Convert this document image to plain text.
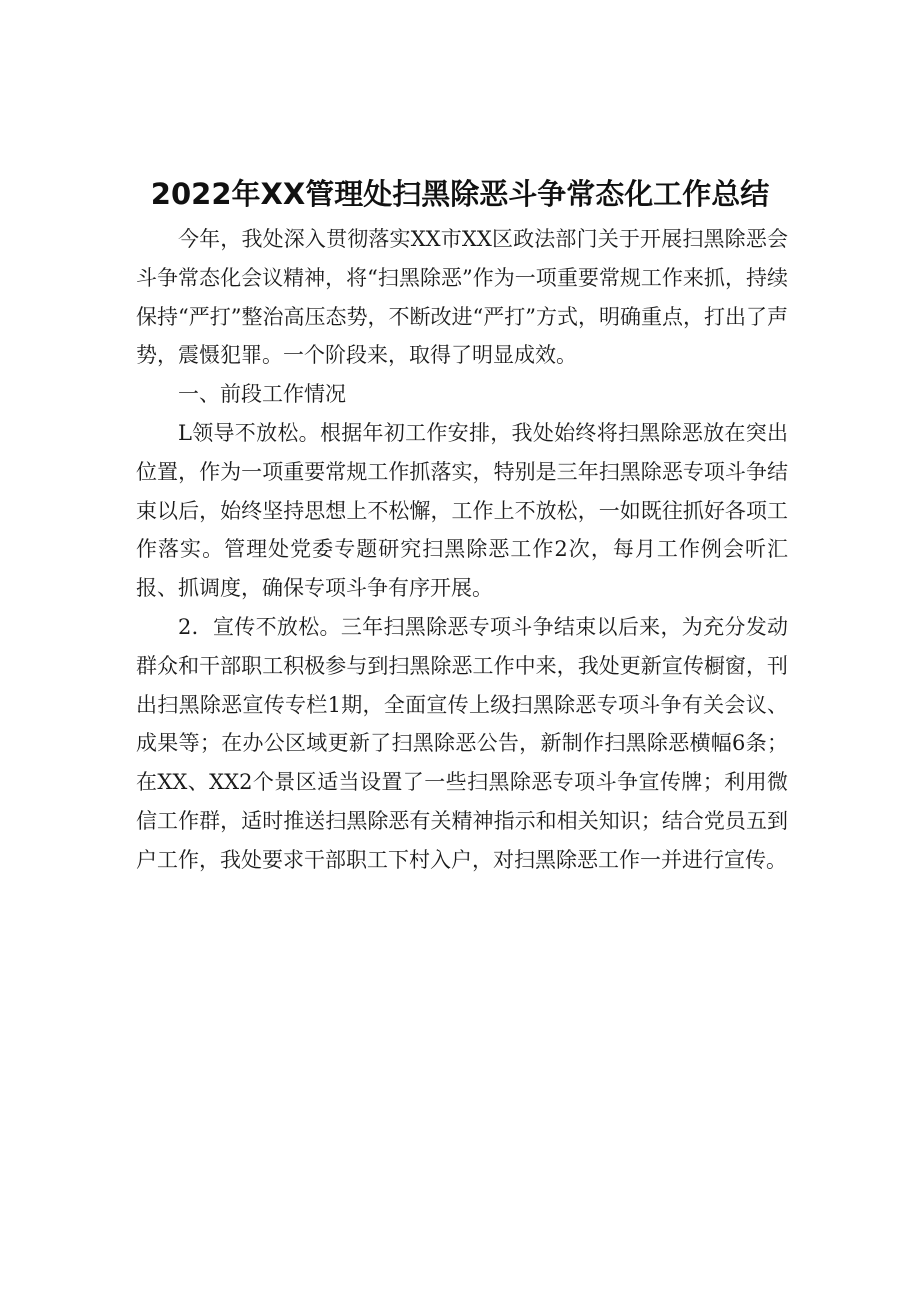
2022年XX管理处扫黑除恶斗争常态化工作总结

今年，我处深入贯彻落实XX市XX区政法部门关于开展扫黑除恶会斗争常态化会议精神，将“扫黑除恶”作为一项重要常规工作来抓，持续保持“严打”整治高压态势，不断改进“严打”方式，明确重点，打出了声势，震慑犯罪。一个阶段来，取得了明显成效。

一、前段工作情况

L领导不放松。根据年初工作安排，我处始终将扫黑除恶放在突出位置，作为一项重要常规工作抓落实，特别是三年扫黑除恶专项斗争结束以后，始终坚持思想上不松懈，工作上不放松，一如既往抓好各项工作落实。管理处党委专题研究扫黑除恶工作2次，每月工作例会听汇报、抓调度，确保专项斗争有序开展。

2．宣传不放松。三年扫黑除恶专项斗争结束以后来，为充分发动群众和干部职工积极参与到扫黑除恶工作中来，我处更新宣传橱窗，刊出扫黑除恶宣传专栏1期，全面宣传上级扫黑除恶专项斗争有关会议、成果等；在办公区域更新了扫黑除恶公告，新制作扫黑除恶横幅6条；在XX、XX2个景区适当设置了一些扫黑除恶专项斗争宣传牌；利用微信工作群，适时推送扫黑除恶有关精神指示和相关知识；结合党员五到户工作，我处要求干部职工下村入户，对扫黑除恶工作一并进行宣传。
